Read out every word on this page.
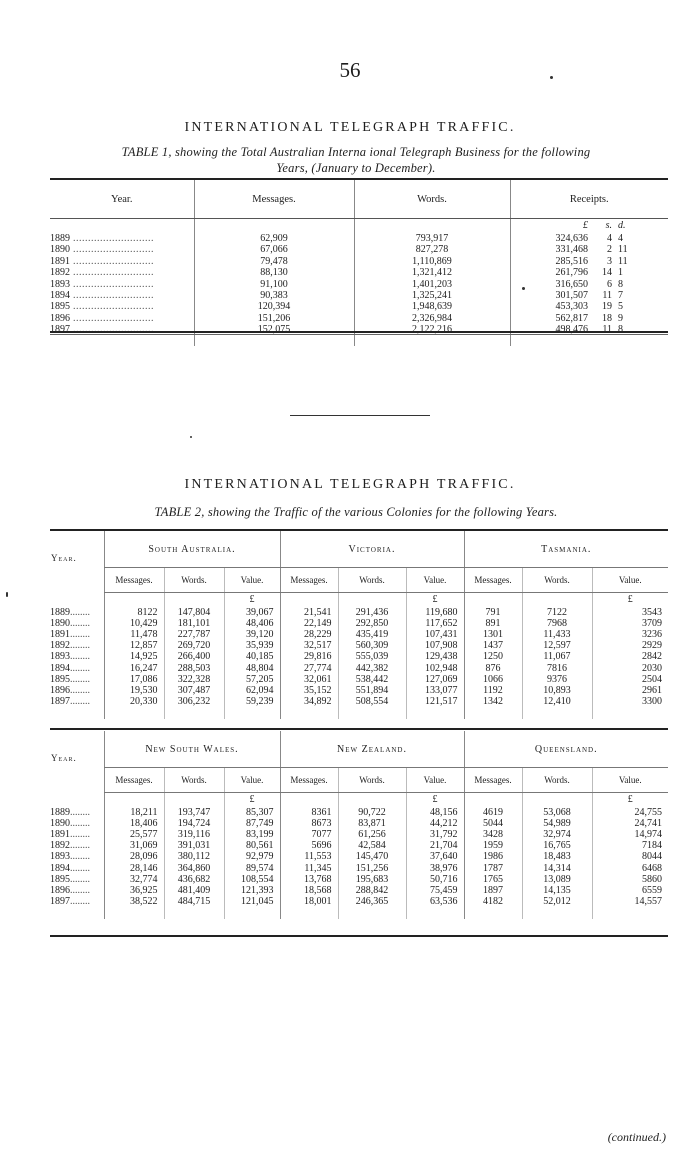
56
INTERNATIONAL TELEGRAPH TRAFFIC.
TABLE 1, showing the Total Australian Interna ional Telegraph Business for the following
Years, (January to December).
Year.	Messages.	Words.	Receipts.		
			£	s.	d.
1889 ...........................	62,909	793,917	324,636	4	4
1890 ...........................	67,066	827,278	331,468	2	11
1891 ...........................	79,478	1,110,869	285,516	3	11
1892 ...........................	88,130	1,321,412	261,796	14	1
1893 ...........................	91,100	1,401,203	316,650	6	8
1894 ...........................	90,383	1,325,241	301,507	11	7
1895 ...........................	120,394	1,948,639	453,303	19	5
1896 ...........................	151,206	2,326,984	562,817	18	9
1897 ...........................	152,075	2,122,216	498,476	11	8

INTERNATIONAL TELEGRAPH TRAFFIC.
TABLE 2, showing the Traffic of the various Colonies for the following Years.
Year.	South Australia.			Victoria.			Tasmania.		
	Messages.	Words.	Value.	Messages.	Words.	Value.	Messages.	Words.	Value.
			£			£			£
1889........	8122	147,804	39,067	21,541	291,436	119,680	791	7122	3543
1890........	10,429	181,101	48,406	22,149	292,850	117,652	891	7968	3709
1891........	11,478	227,787	39,120	28,229	435,419	107,431	1301	11,433	3236
1892........	12,857	269,720	35,939	32,517	560,309	107,908	1437	12,597	2929
1893........	14,925	266,400	40,185	29,816	555,039	129,438	1250	11,067	2842
1894........	16,247	288,503	48,804	27,774	442,382	102,948	876	7816	2030
1895........	17,086	322,328	57,205	32,061	538,442	127,069	1066	9376	2504
1896........	19,530	307,487	62,094	35,152	551,894	133,077	1192	10,893	2961
1897........	20,330	306,232	59,239	34,892	508,554	121,517	1342	12,410	3300

Year.	New South Wales.			New Zealand.			Queensland.		
	Messages.	Words.	Value.	Messages.	Words.	Value.	Messages.	Words.	Value.
			£			£			£
1889........	18,211	193,747	85,307	8361	90,722	48,156	4619	53,068	24,755
1890........	18,406	194,724	87,749	8673	83,871	44,212	5044	54,989	24,741
1891........	25,577	319,116	83,199	7077	61,256	31,792	3428	32,974	14,974
1892........	31,069	391,031	80,561	5696	42,584	21,704	1959	16,765	7184
1893........	28,096	380,112	92,979	11,553	145,470	37,640	1986	18,483	8044
1894........	28,146	364,860	89,574	11,345	151,256	38,976	1787	14,314	6468
1895........	32,774	436,682	108,554	13,768	195,683	50,716	1765	13,089	5860
1896........	36,925	481,409	121,393	18,568	288,842	75,459	1897	14,135	6559
1897........	38,522	484,715	121,045	18,001	246,365	63,536	4182	52,012	14,557

(continued.)
